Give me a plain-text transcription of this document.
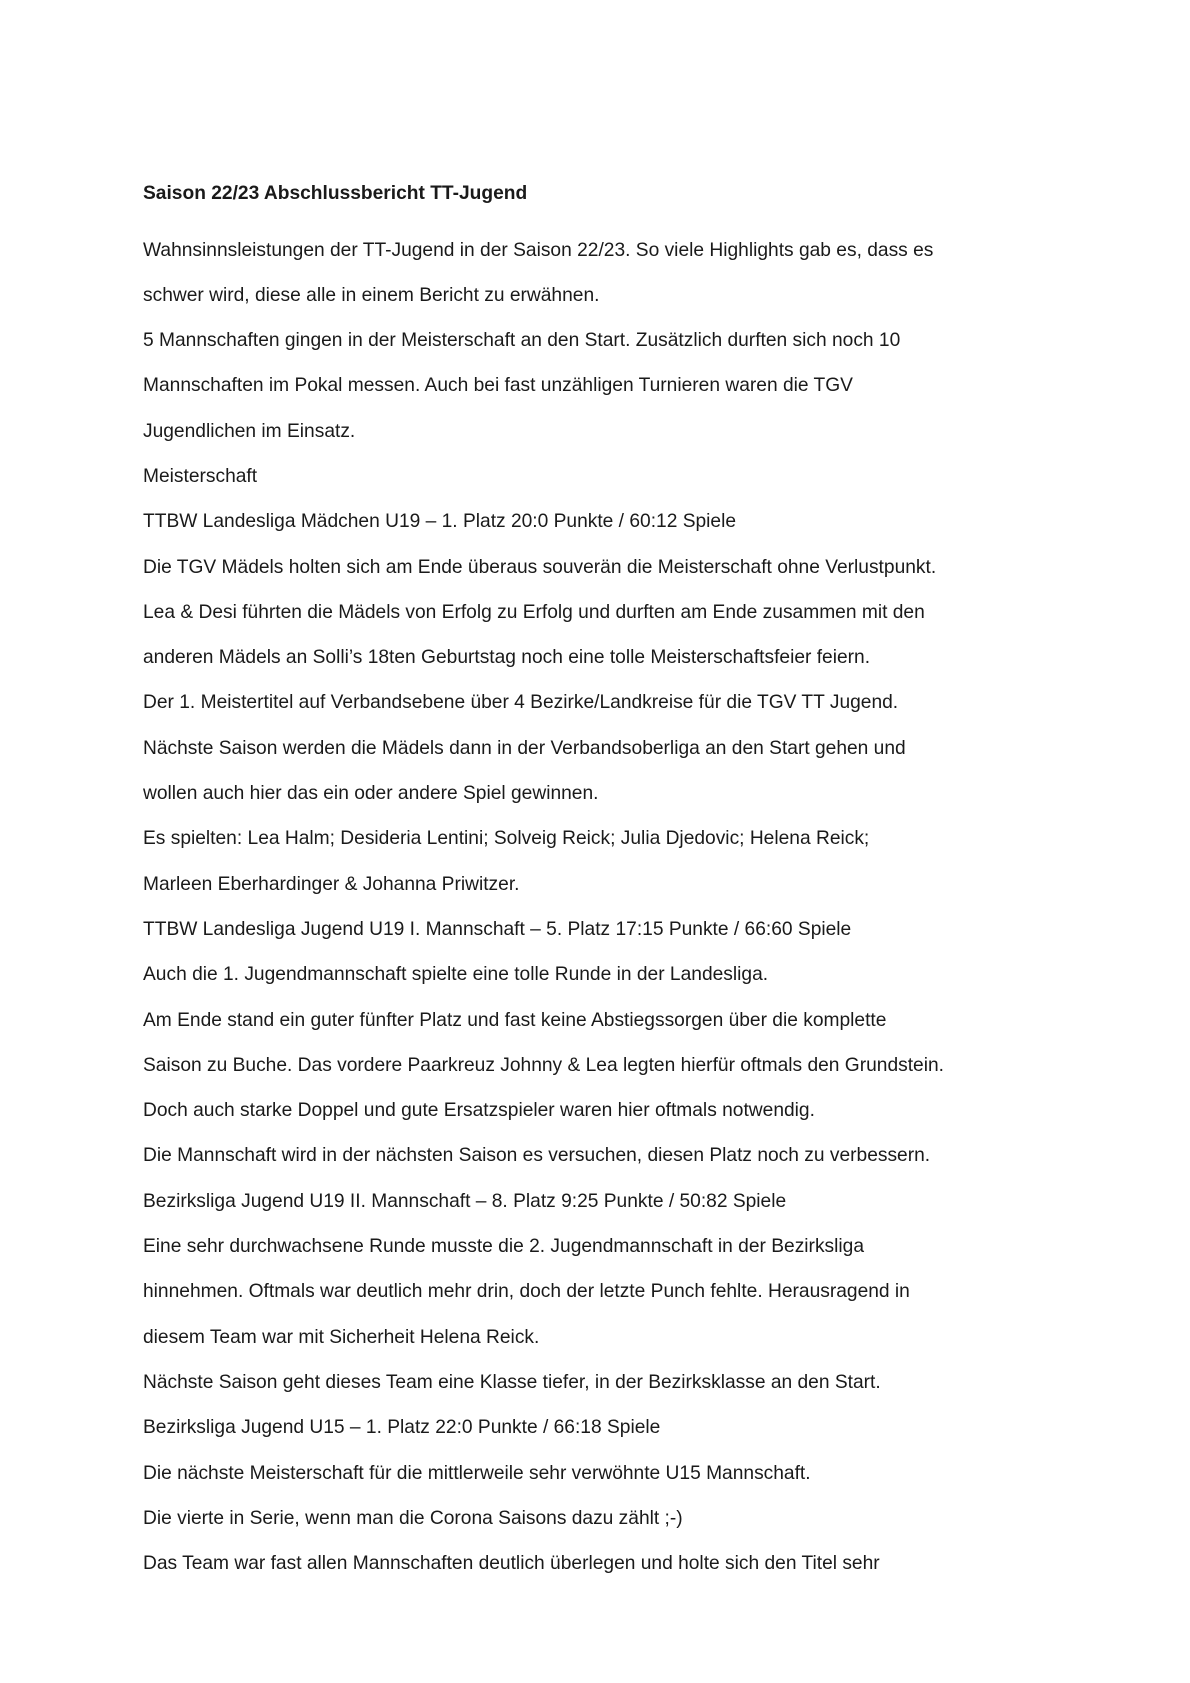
Saison 22/23 Abschlussbericht TT-Jugend

Wahnsinnsleistungen der TT-Jugend in der Saison 22/23. So viele Highlights gab es, dass es

schwer wird, diese alle in einem Bericht zu erwähnen.

5 Mannschaften gingen in der Meisterschaft an den Start. Zusätzlich durften sich noch 10

Mannschaften im Pokal messen. Auch bei fast unzähligen Turnieren waren die TGV

Jugendlichen im Einsatz.

Meisterschaft

TTBW Landesliga Mädchen U19 – 1. Platz 20:0 Punkte / 60:12 Spiele

Die TGV Mädels holten sich am Ende überaus souverän die Meisterschaft ohne Verlustpunkt.

Lea & Desi führten die Mädels von Erfolg zu Erfolg und durften am Ende zusammen mit den

anderen Mädels an Solli’s 18ten Geburtstag noch eine tolle Meisterschaftsfeier feiern.

Der 1. Meistertitel auf Verbandsebene über 4 Bezirke/Landkreise für die TGV TT Jugend.

Nächste Saison werden die Mädels dann in der Verbandsoberliga an den Start gehen und

wollen auch hier das ein oder andere Spiel gewinnen.

Es spielten: Lea Halm; Desideria Lentini; Solveig Reick; Julia Djedovic; Helena Reick;

Marleen Eberhardinger & Johanna Priwitzer.

TTBW Landesliga Jugend U19 I. Mannschaft – 5. Platz 17:15 Punkte / 66:60 Spiele

Auch die 1. Jugendmannschaft spielte eine tolle Runde in der Landesliga.

Am Ende stand ein guter fünfter Platz und fast keine Abstiegssorgen über die komplette

Saison zu Buche. Das vordere Paarkreuz Johnny & Lea legten hierfür oftmals den Grundstein.

Doch auch starke Doppel und gute Ersatzspieler waren hier oftmals notwendig.

Die Mannschaft wird in der nächsten Saison es versuchen, diesen Platz noch zu verbessern.

Bezirksliga Jugend U19 II. Mannschaft – 8. Platz 9:25 Punkte / 50:82 Spiele

Eine sehr durchwachsene Runde musste die 2. Jugendmannschaft in der Bezirksliga

hinnehmen. Oftmals war deutlich mehr drin, doch der letzte Punch fehlte. Herausragend in

diesem Team war mit Sicherheit Helena Reick.

Nächste Saison geht dieses Team eine Klasse tiefer, in der Bezirksklasse an den Start.

Bezirksliga Jugend U15 – 1. Platz 22:0 Punkte / 66:18 Spiele

Die nächste Meisterschaft für die mittlerweile sehr verwöhnte U15 Mannschaft.

Die vierte in Serie, wenn man die Corona Saisons dazu zählt ;-)

Das Team war fast allen Mannschaften deutlich überlegen und holte sich den Titel sehr
